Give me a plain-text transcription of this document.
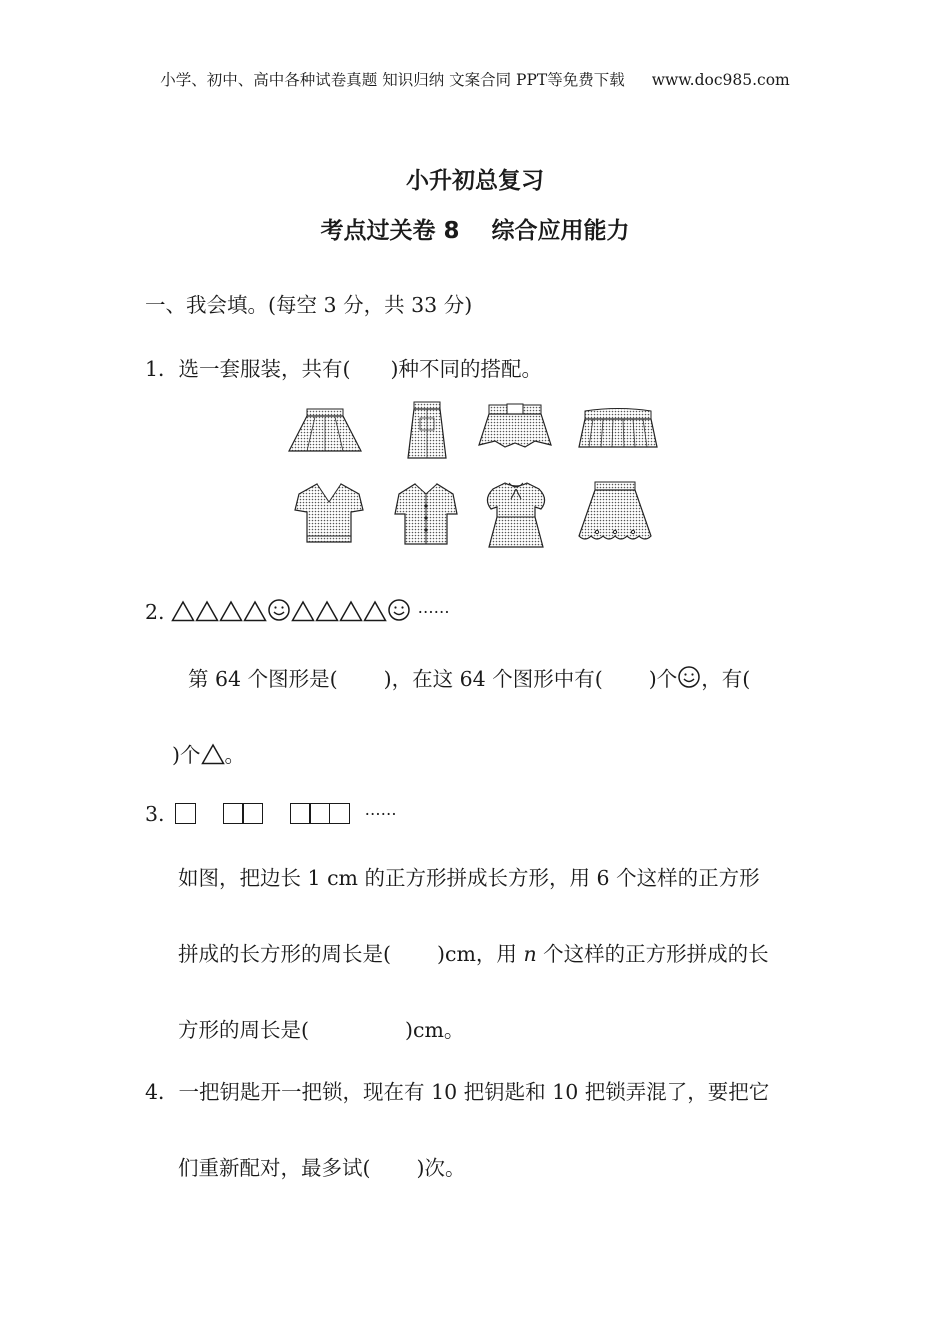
小学、初中、高中各种试卷真题 知识归纳 文案合同 PPT等免费下载 www.doc985.com
小升初总复习
考点过关卷 8    综合应用能力
一、我会填。(每空 3 分，共 33 分)
1．选一套服装，共有( )种不同的搭配。
2.	……
第 64 个图形是( )，在这 64 个图形中有( )个 ，有(
)个 。
3.	……
如图，把边长 1 cm 的正方形拼成长方形，用 6 个这样的正方形
拼成的长方形的周长是( )cm，用 n 个这样的正方形拼成的长
方形的周长是(	)cm。
4．一把钥匙开一把锁，现在有 10 把钥匙和 10 把锁弄混了，要把它
们重新配对，最多试( )次。
